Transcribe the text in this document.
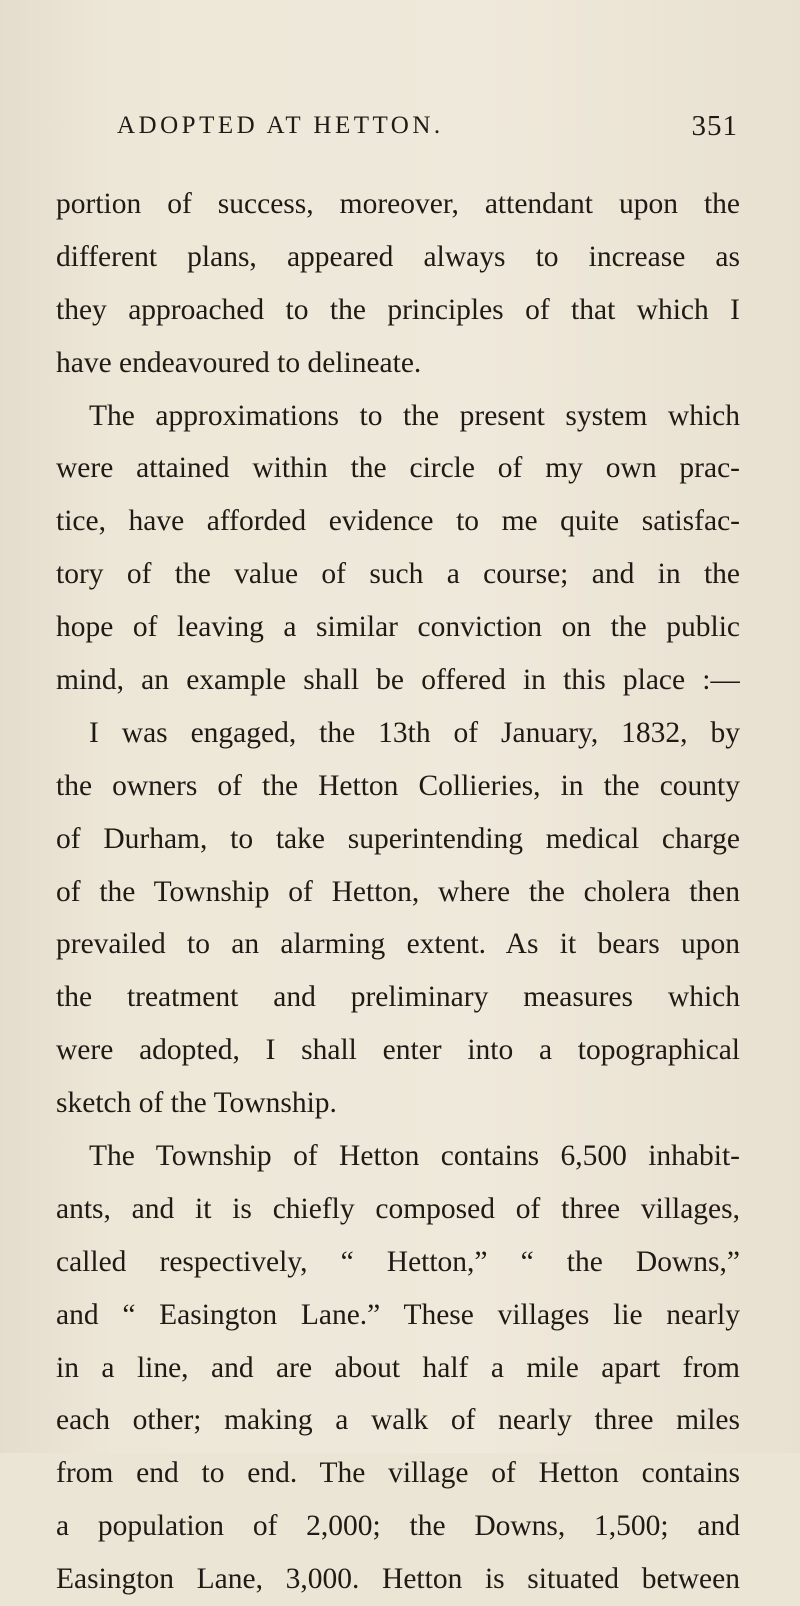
ADOPTED AT HETTON.	351
portion of success, moreover, attendant upon the
different plans, appeared always to increase as
they approached to the principles of that which I
have endeavoured to delineate.
The approximations to the present system which
were attained within the circle of my own prac-
tice, have afforded evidence to me quite satisfac-
tory of the value of such a course; and in the
hope of leaving a similar conviction on the public
mind, an example shall be offered in this place :—
I was engaged, the 13th of January, 1832, by
the owners of the Hetton Collieries, in the county
of Durham, to take superintending medical charge
of the Township of Hetton, where the cholera then
prevailed to an alarming extent. As it bears upon
the treatment and preliminary measures which
were adopted, I shall enter into a topographical
sketch of the Township.
The Township of Hetton contains 6,500 inhabit-
ants, and it is chiefly composed of three villages,
called respectively, “ Hetton,” “ the Downs,”
and “ Easington Lane.” These villages lie nearly
in a line, and are about half a mile apart from
each other; making a walk of nearly three miles
from end to end. The village of Hetton contains
a population of 2,000; the Downs, 1,500; and
Easington Lane, 3,000. Hetton is situated between
